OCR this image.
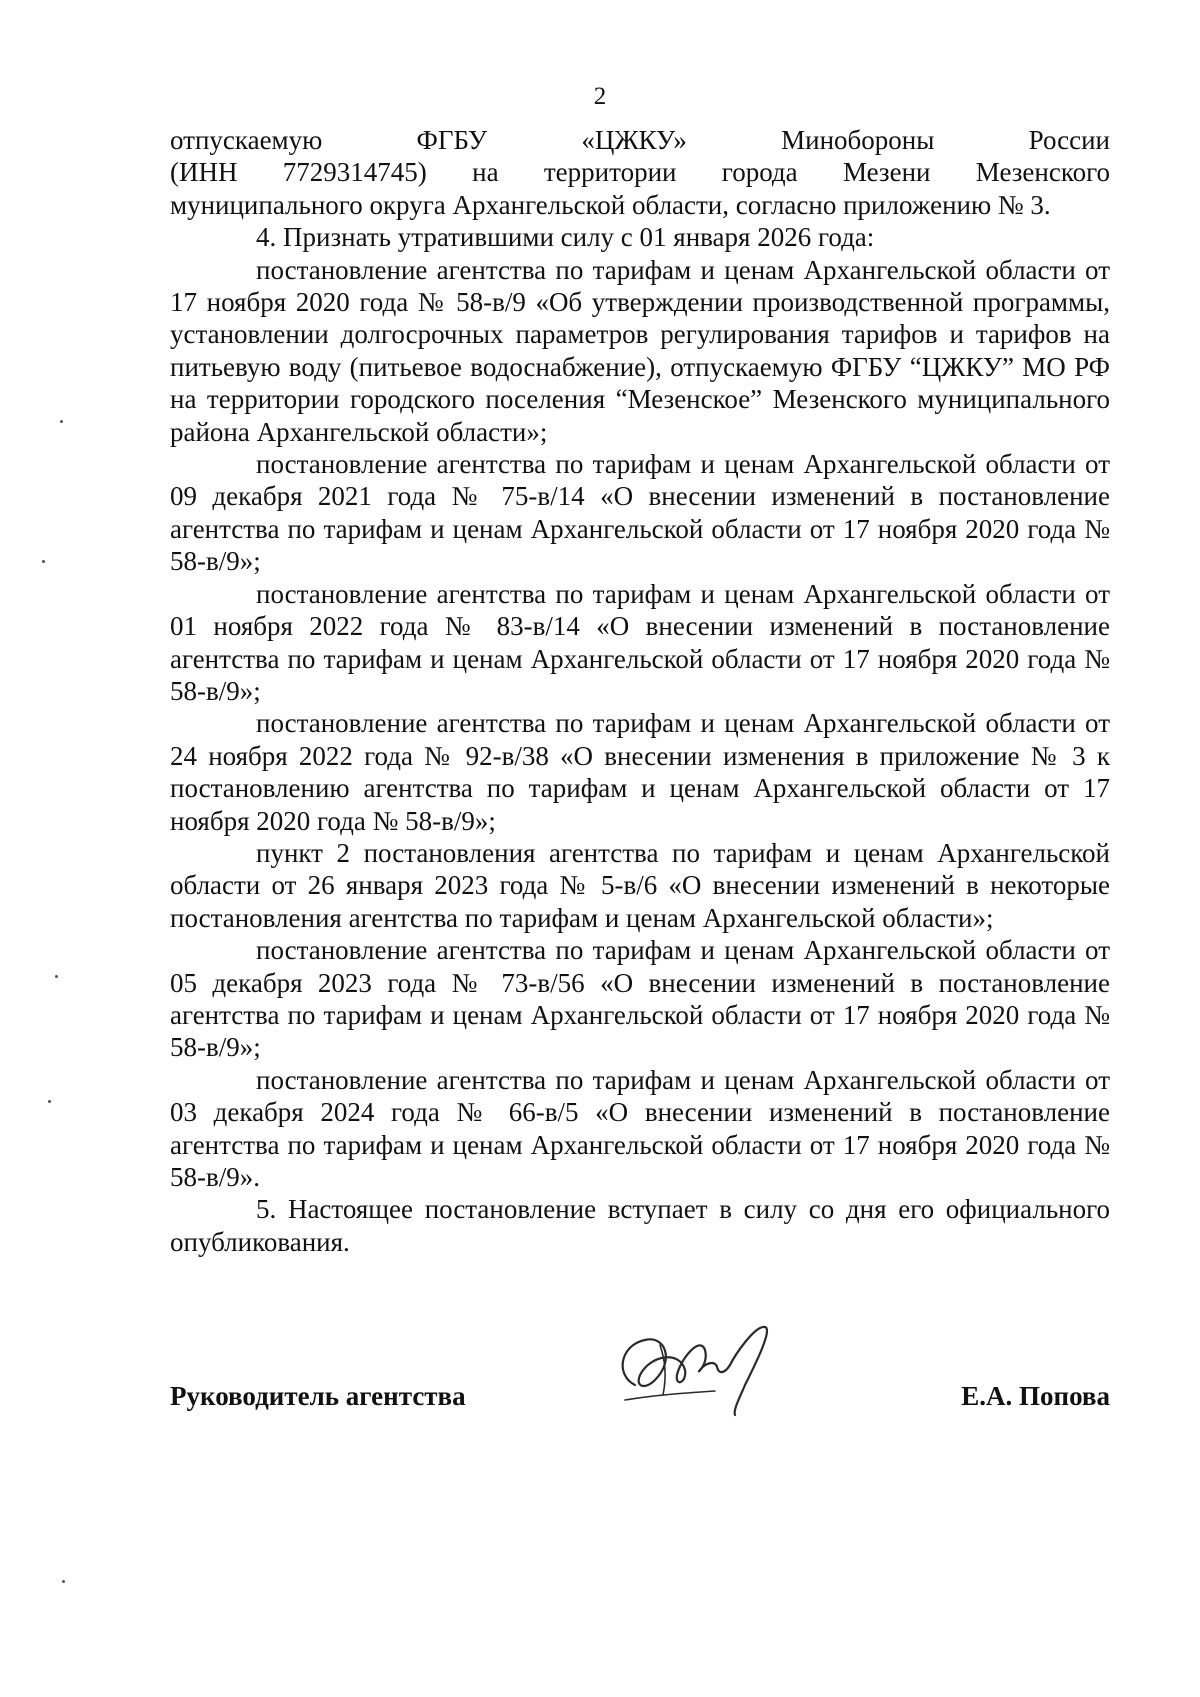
2

отпускаемую ФГБУ «ЦЖКУ» Минобороны России
(ИНН 7729314745) на территории города Мезени Мезенского
муниципального округа Архангельской области, согласно приложению № 3.

4. Признать утратившими силу с 01 января 2026 года:

постановление агентства по тарифам и ценам Архангельской области от 17 ноября 2020 года № 58-в/9 «Об утверждении производственной программы, установлении долгосрочных параметров регулирования тарифов и тарифов на питьевую воду (питьевое водоснабжение), отпускаемую ФГБУ “ЦЖКУ” МО РФ на территории городского поселения “Мезенское” Мезенского муниципального района Архангельской области»;

постановление агентства по тарифам и ценам Архангельской области от 09 декабря 2021 года № 75-в/14 «О внесении изменений в постановление агентства по тарифам и ценам Архангельской области от 17 ноября 2020 года № 58-в/9»;

постановление агентства по тарифам и ценам Архангельской области от 01 ноября 2022 года № 83-в/14 «О внесении изменений в постановление агентства по тарифам и ценам Архангельской области от 17 ноября 2020 года № 58-в/9»;

постановление агентства по тарифам и ценам Архангельской области от 24 ноября 2022 года № 92-в/38 «О внесении изменения в приложение № 3 к постановлению агентства по тарифам и ценам Архангельской области от 17 ноября 2020 года № 58-в/9»;

пункт 2 постановления агентства по тарифам и ценам Архангельской области от 26 января 2023 года № 5-в/6 «О внесении изменений в некоторые постановления агентства по тарифам и ценам Архангельской области»;

постановление агентства по тарифам и ценам Архангельской области от 05 декабря 2023 года № 73-в/56 «О внесении изменений в постановление агентства по тарифам и ценам Архангельской области от 17 ноября 2020 года № 58-в/9»;

постановление агентства по тарифам и ценам Архангельской области от 03 декабря 2024 года № 66-в/5 «О внесении изменений в постановление агентства по тарифам и ценам Архангельской области от 17 ноября 2020 года № 58-в/9».

5. Настоящее постановление вступает в силу со дня его официального опубликования.

Руководитель агентства	Е.А. Попова
